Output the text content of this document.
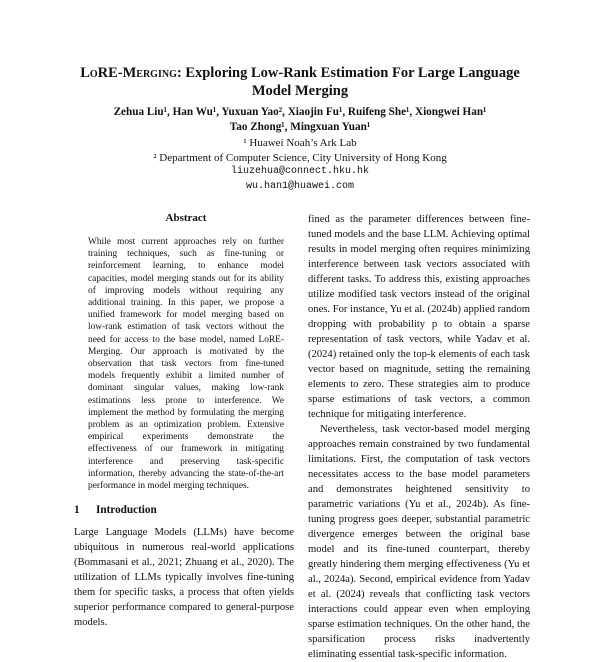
LoRE-Merging: Exploring Low-Rank Estimation For Large Language Model Merging
Zehua Liu¹, Han Wu¹, Yuxuan Yao², Xiaojin Fu¹, Ruifeng She¹, Xiongwei Han¹
Tao Zhong¹, Mingxuan Yuan¹
¹ Huawei Noah’s Ark Lab
² Department of Computer Science, City University of Hong Kong
liuzehua@connect.hku.hk
wu.han1@huawei.com
Abstract
While most current approaches rely on further training techniques, such as fine-tuning or reinforcement learning, to enhance model capacities, model merging stands out for its ability of improving models without requiring any additional training. In this paper, we propose a unified framework for model merging based on low-rank estimation of task vectors without the need for access to the base model, named LoRE-Merging. Our approach is motivated by the observation that task vectors from fine-tuned models frequently exhibit a limited number of dominant singular values, making low-rank estimations less prone to interference. We implement the method by formulating the merging problem as an optimization problem. Extensive empirical experiments demonstrate the effectiveness of our framework in mitigating interference and preserving task-specific information, thereby advancing the state-of-the-art performance in model merging techniques.
1 Introduction
Large Language Models (LLMs) have become ubiquitous in numerous real-world applications (Bommasani et al., 2021; Zhuang et al., 2020). The utilization of LLMs typically involves fine-tuning them for specific tasks, a process that often yields superior performance compared to general-purpose models.

fined as the parameter differences between fine-tuned models and the base LLM. Achieving optimal results in model merging often requires minimizing interference between task vectors associated with different tasks. To address this, existing approaches utilize modified task vectors instead of the original ones. For instance, Yu et al. (2024b) applied random dropping with probability p to obtain a sparse representation of task vectors, while Yadav et al. (2024) retained only the top-k elements of each task vector based on magnitude, setting the remaining elements to zero. These strategies aim to produce sparse estimations of task vectors, a common technique for mitigating interference.

Nevertheless, task vector-based model merging approaches remain constrained by two fundamental limitations. First, the computation of task vectors necessitates access to the base model parameters and demonstrates heightened sensitivity to parametric variations (Yu et al., 2024b). As fine-tuning progress goes deeper, substantial parametric divergence emerges between the original base model and its fine-tuned counterpart, thereby greatly hindering them merging effectiveness (Yu et al., 2024a). Second, empirical evidence from Yadav et al. (2024) reveals that conflicting task vectors interactions could appear even when employing sparse estimation techniques. On the other hand, the sparsification process risks inadvertently eliminating essential task-specific information.
